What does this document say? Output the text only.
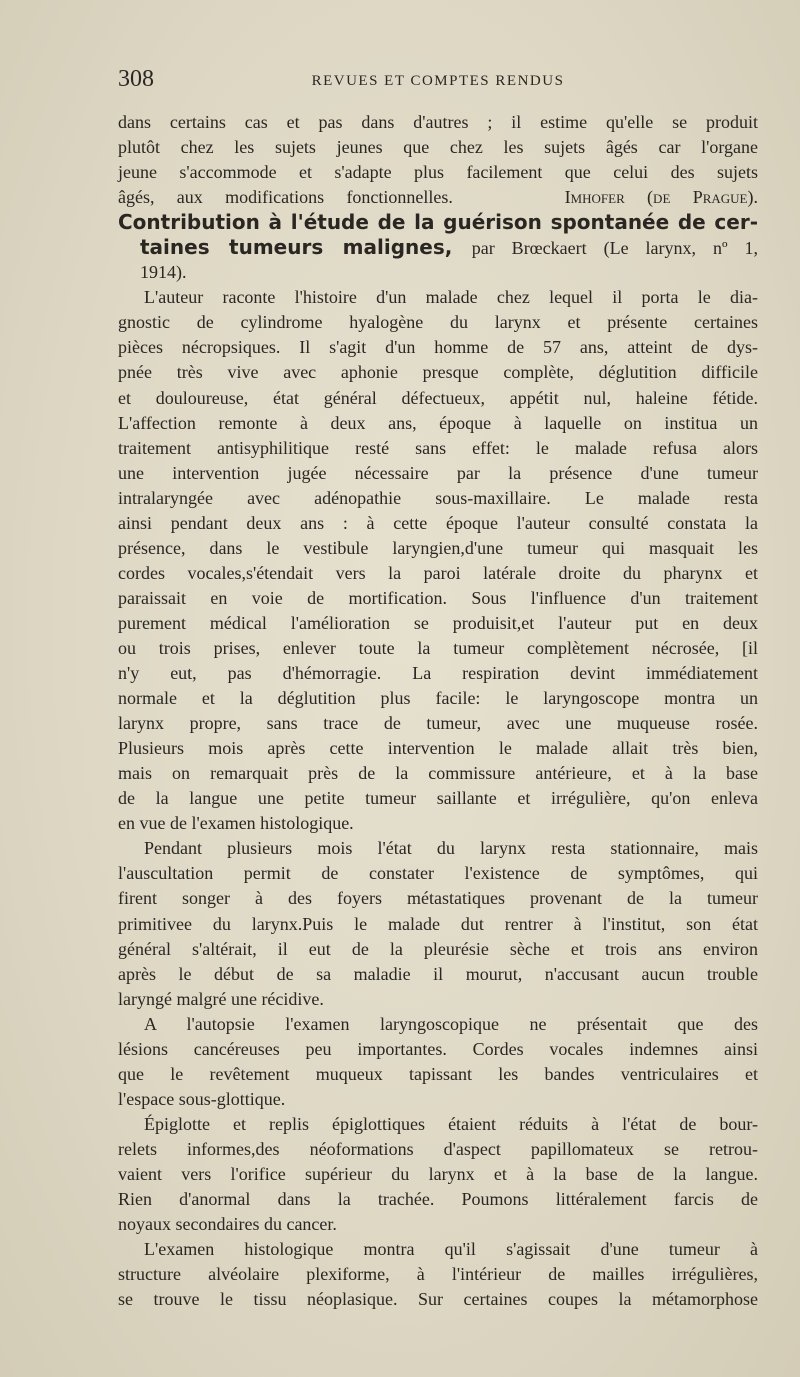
308	REVUES ET COMPTES RENDUS
dans certains cas et pas dans d'autres ; il estime qu'elle se produit
plutôt chez les sujets jeunes que chez les sujets âgés car l'organe
jeune s'accommode et s'adapte plus facilement que celui des sujets
âgés, aux modifications fonctionnelles.	Imhofer (de Prague).
Contribution à l'étude de la guérison spontanée de cer-
taines tumeurs malignes, par Brœckaert (Le larynx, nº 1,
1914).
L'auteur raconte l'histoire d'un malade chez lequel il porta le dia-
gnostic de cylindrome hyalogène du larynx et présente certaines
pièces nécropsiques. Il s'agit d'un homme de 57 ans, atteint de dys-
pnée très vive avec aphonie presque complète, déglutition difficile
et douloureuse, état général défectueux, appétit nul, haleine fétide.
L'affection remonte à deux ans, époque à laquelle on institua un
traitement antisyphilitique resté sans effet: le malade refusa alors
une intervention jugée nécessaire par la présence d'une tumeur
intralaryngée avec adénopathie sous-maxillaire. Le malade resta
ainsi pendant deux ans : à cette époque l'auteur consulté constata la
présence, dans le vestibule laryngien,d'une tumeur qui masquait les
cordes vocales,s'étendait vers la paroi latérale droite du pharynx et
paraissait en voie de mortification. Sous l'influence d'un traitement
purement médical l'amélioration se produisit,et l'auteur put en deux
ou trois prises, enlever toute la tumeur complètement nécrosée, [il
n'y eut, pas d'hémorragie. La respiration devint immédiatement
normale et la déglutition plus facile: le laryngoscope montra un
larynx propre, sans trace de tumeur, avec une muqueuse rosée.
Plusieurs mois après cette intervention le malade allait très bien,
mais on remarquait près de la commissure antérieure, et à la base
de la langue une petite tumeur saillante et irrégulière, qu'on enleva
en vue de l'examen histologique.
Pendant plusieurs mois l'état du larynx resta stationnaire, mais
l'auscultation permit de constater l'existence de symptômes, qui
firent songer à des foyers métastatiques provenant de la tumeur
primitivee du larynx.Puis le malade dut rentrer à l'institut, son état
général s'altérait, il eut de la pleurésie sèche et trois ans environ
après le début de sa maladie il mourut, n'accusant aucun trouble
laryngé malgré une récidive.
A l'autopsie l'examen laryngoscopique ne présentait que des
lésions cancéreuses peu importantes. Cordes vocales indemnes ainsi
que le revêtement muqueux tapissant les bandes ventriculaires et
l'espace sous-glottique.
Épiglotte et replis épiglottiques étaient réduits à l'état de bour-
relets informes,des néoformations d'aspect papillomateux se retrou-
vaient vers l'orifice supérieur du larynx et à la base de la langue.
Rien d'anormal dans la trachée. Poumons littéralement farcis de
noyaux secondaires du cancer.
L'examen histologique montra qu'il s'agissait d'une tumeur à
structure alvéolaire plexiforme, à l'intérieur de mailles irrégulières,
se trouve le tissu néoplasique. Sur certaines coupes la métamorphose
